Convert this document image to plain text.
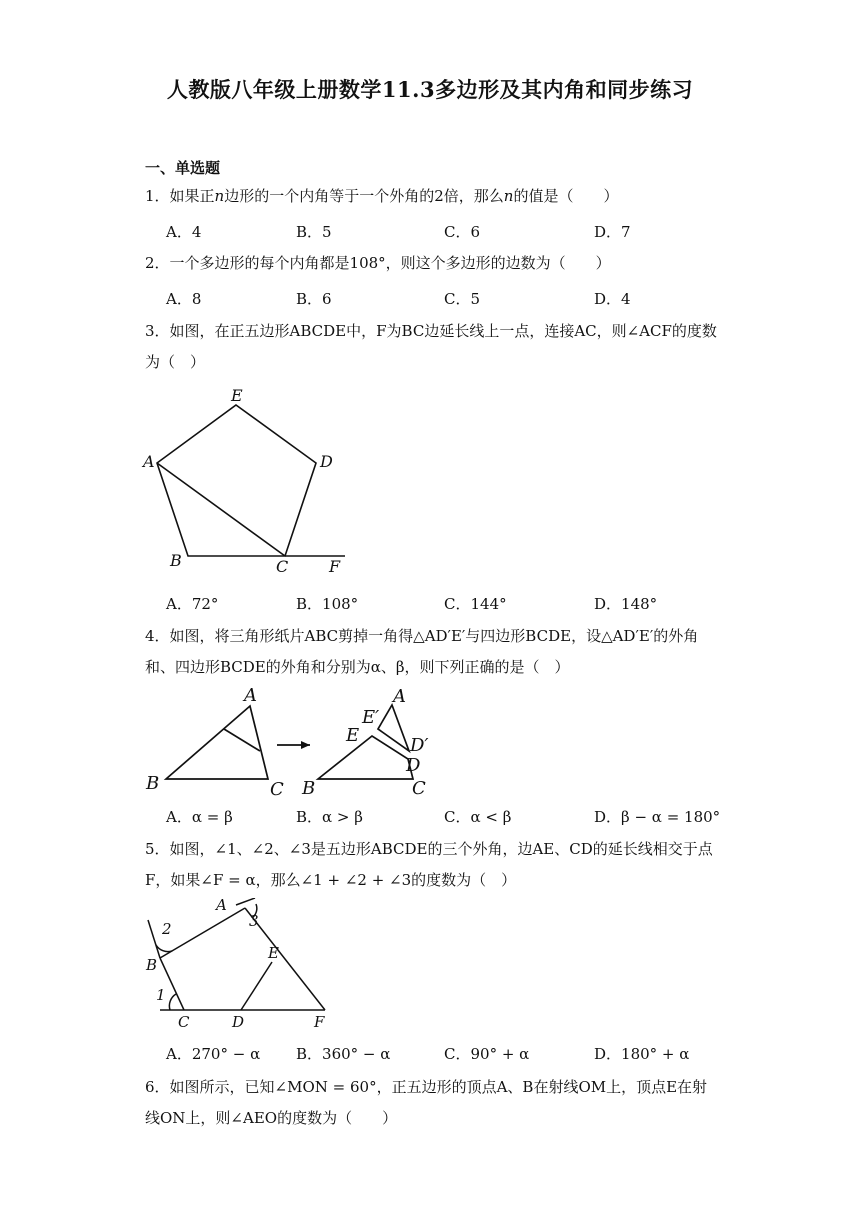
人教版八年级上册数学11.3多边形及其内角和同步练习
一、单选题
1．如果正n边形的一个内角等于一个外角的2倍，那么n的值是（　　）
A．4	B．5	C．6	D．7
2．一个多边形的每个内角都是108°，则这个多边形的边数为（　　）
A．8	B．6	C．5	D．4
3．如图，在正五边形ABCDE中，F为BC边延长线上一点，连接AC，则∠ACF的度数为（　）
E
A	D
B	C	F
A．72°	B．108°	C．144°	D．148°
4．如图，将三角形纸片ABC剪掉一角得△AD′E′与四边形BCDE，设△AD′E′的外角和、四边形BCDE的外角和分别为α、β，则下列正确的是（　）
A
B	C
E′
A
E	D′
D
B	C
A．α = β	B．α > β	C．α < β	D．β − α = 180°
5．如图，∠1、∠2、∠3是五边形ABCDE的三个外角，边AE、CD的延长线相交于点F，如果∠F = α，那么∠1 + ∠2 + ∠3的度数为（　）
A
3
2
E
B
1
C	D	F
A．270° − α B．360° − α	C．90° + α	D．180° + α
6．如图所示，已知∠MON = 60°，正五边形的顶点A、B在射线OM上，顶点E在射线ON上，则∠AEO的度数为（　　）
